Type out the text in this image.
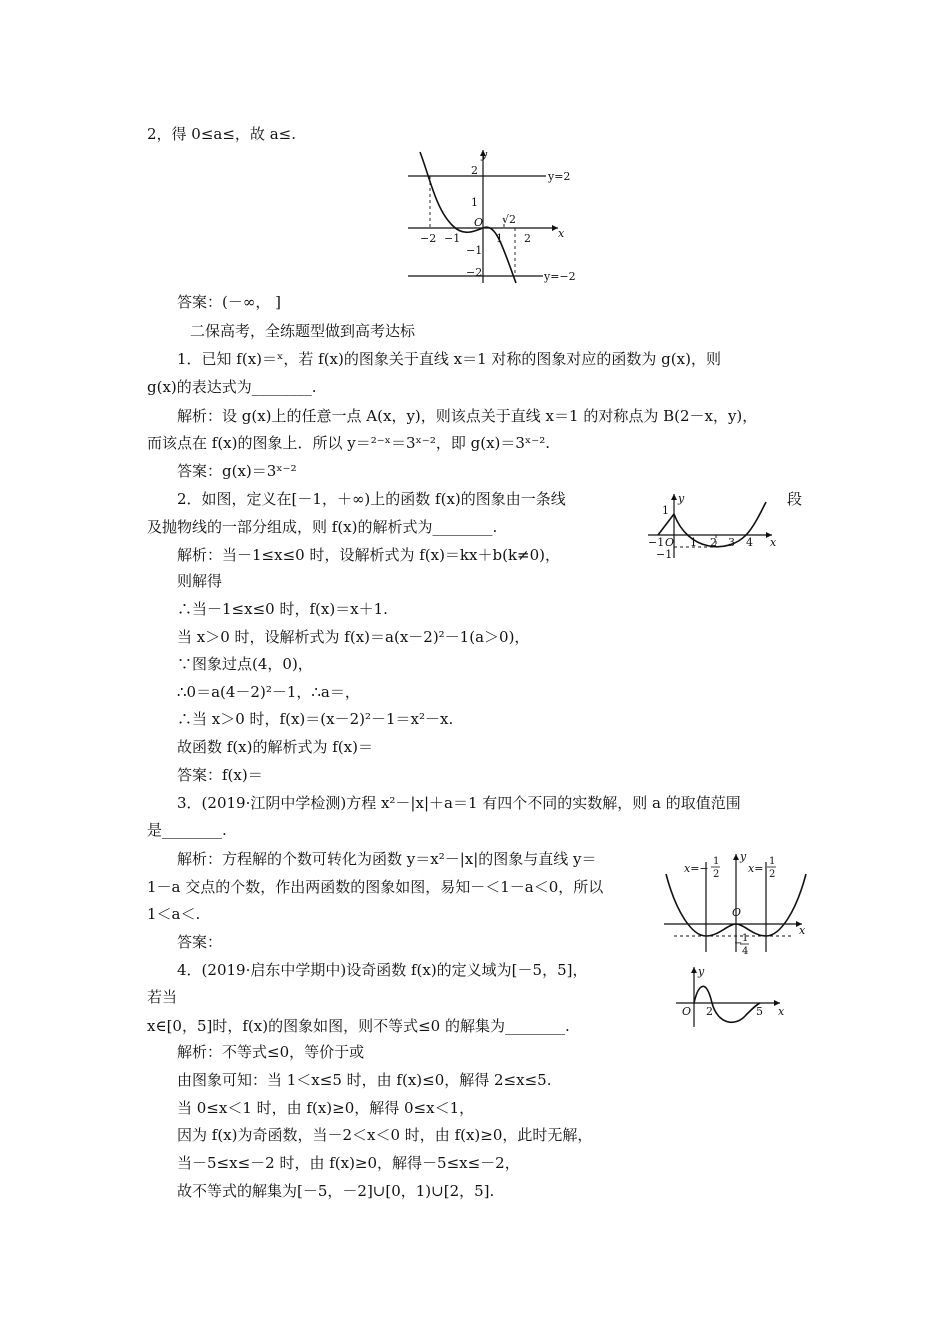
2，得 0≤a≤，故 a≤.
y
x
O
2
1
−1
−2
−2 −1	1 2
√2
y=2
y=−2
答案：(－∞， ]
二保高考，全练题型做到高考达标
1．已知 f(x)＝ˣ，若 f(x)的图象关于直线 x＝1 对称的图象对应的函数为 g(x)，则
g(x)的表达式为________.
解析：设 g(x)上的任意一点 A(x，y)，则该点关于直线 x＝1 的对称点为 B(2－x，y)，
而该点在 f(x)的图象上．所以 y＝²⁻ˣ＝3ˣ⁻²，即 g(x)＝3ˣ⁻².
答案：g(x)＝3ˣ⁻²
2．如图，定义在[－1，＋∞)上的函数 f(x)的图象由一条线	段
及抛物线的一部分组成，则 f(x)的解析式为________.
y
x
1
−1 O 1 2 3 4
−1
解析：当－1≤x≤0 时，设解析式为 f(x)＝kx＋b(k≠0)，
则解得
∴当－1≤x≤0 时，f(x)＝x＋1.
当 x＞0 时，设解析式为 f(x)＝a(x－2)²－1(a＞0)，
∵图象过点(4，0)，
∴0＝a(4－2)²－1，∴a＝，
∴当 x＞0 时，f(x)＝(x－2)²－1＝x²－x.
故函数 f(x)的解析式为 f(x)＝
答案：f(x)＝
3．(2019·江阴中学检测)方程 x²－|x|＋a＝1 有四个不同的实数解，则 a 的取值范围
是________.
解析：方程解的个数可转化为函数 y＝x²－|x|的图象与直线 y＝
1－a 交点的个数，作出两函数的图象如图，易知－＜1－a＜0，所以
1＜a＜.
y
x
O
x=−
1
2	x=
1
2
− 1
4
答案：
4．(2019·启东中学期中)设奇函数 f(x)的定义域为[－5，5]，
若当
y
x
O 2	5
x∈[0，5]时，f(x)的图象如图，则不等式≤0 的解集为________.
解析：不等式≤0，等价于或
由图象可知：当 1＜x≤5 时，由 f(x)≤0，解得 2≤x≤5.
当 0≤x＜1 时，由 f(x)≥0，解得 0≤x＜1，
因为 f(x)为奇函数，当－2＜x＜0 时，由 f(x)≥0，此时无解，
当－5≤x≤－2 时，由 f(x)≥0，解得－5≤x≤－2，
故不等式的解集为[－5，－2]∪[0，1)∪[2，5].
